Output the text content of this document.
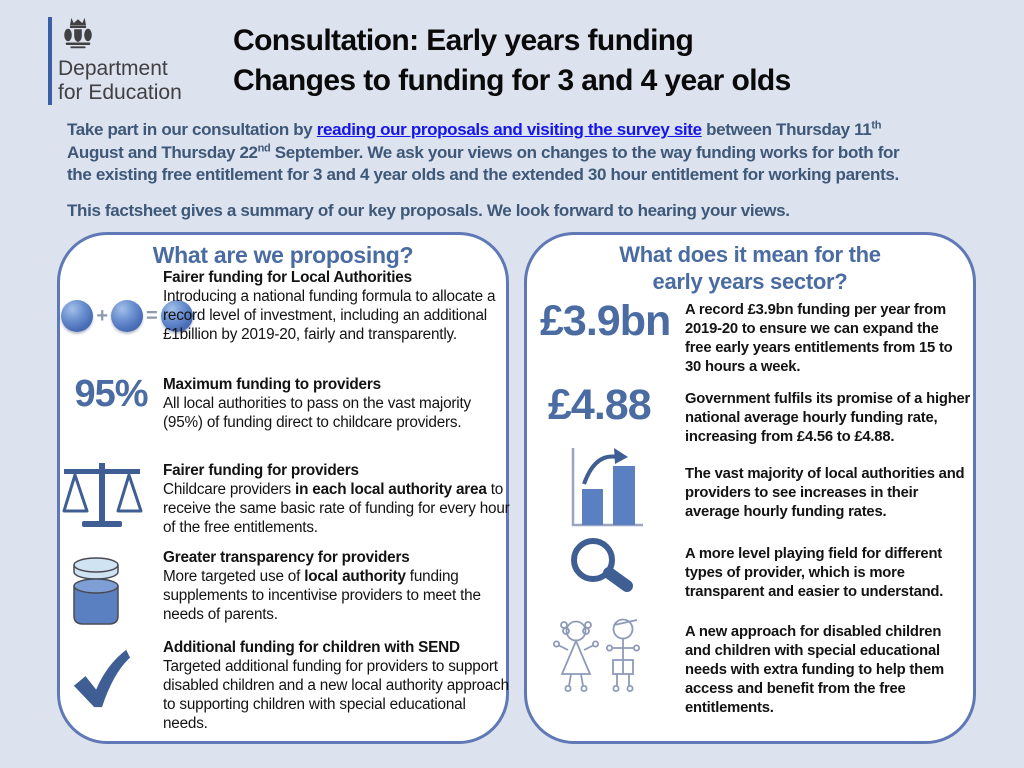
Department
for Education
Consultation: Early years funding
Changes to funding for 3 and 4 year olds
Take part in our consultation by reading our proposals and visiting the survey site between Thursday 11th
August and Thursday 22nd September. We ask your views on changes to the way funding works for both for
the existing free entitlement for 3 and 4 year olds and the extended 30 hour entitlement for working parents.
This factsheet gives a summary of our key proposals. We look forward to hearing your views.
What are we proposing?
+ =
Fairer funding for Local Authorities
Introducing a national funding formula to allocate a record level of investment, including an additional £1billion by 2019-20, fairly and transparently.
95%	Maximum funding to providers
All local authorities to pass on the vast majority (95%) of funding direct to childcare providers.
Fairer funding for providers
Childcare providers in each local authority area to receive the same basic rate of funding for every hour of the free entitlements.
Greater transparency for providers
More targeted use of local authority funding supplements to incentivise providers to meet the needs of parents.
Additional funding for children with SEND
Targeted additional funding for providers to support disabled children and a new local authority approach to supporting children with special educational needs.
What does it mean for the
early years sector?
£3.9bn A record £3.9bn funding per year from 2019-20 to ensure we can expand the free early years entitlements from 15 to 30 hours a week.
£4.88	Government fulfils its promise of a higher national average hourly funding rate, increasing from £4.56 to £4.88.
The vast majority of local authorities and providers to see increases in their average hourly funding rates.
A more level playing field for different types of provider, which is more transparent and easier to understand.
A new approach for disabled children and children with special educational needs with extra funding to help them access and benefit from the free entitlements.
